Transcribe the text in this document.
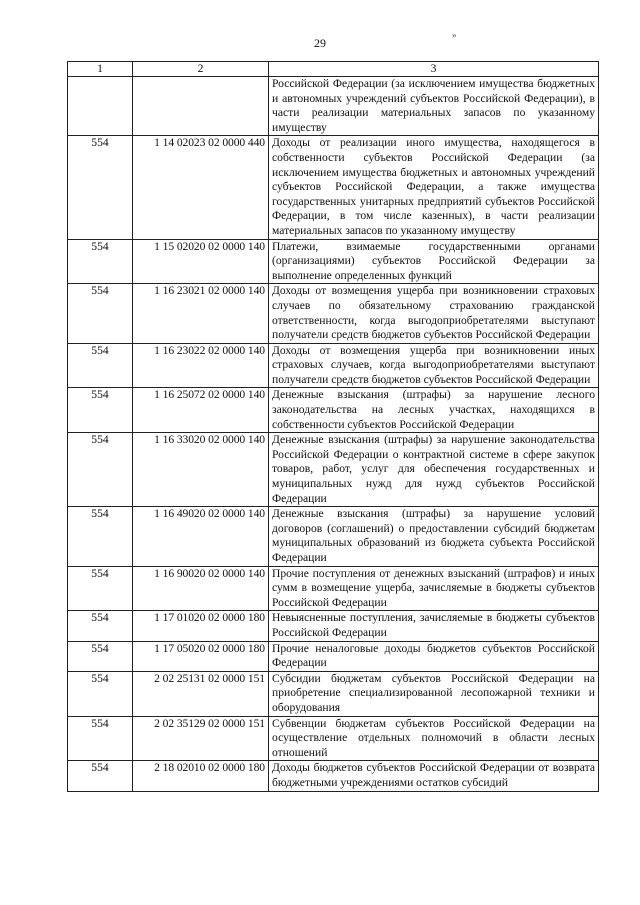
29
»
1	2	3
		Российской Федерации (за исключением имущества бюджетных и автономных учреждений субъектов Российской Федерации), в части реализации материальных запасов по указанному имуществу
554	1 14 02023 02 0000 440	Доходы от реализации иного имущества, находящегося в собственности субъектов Российской Федерации (за исключением имущества бюджетных и автономных учреждений субъектов Российской Федерации, а также имущества государственных унитарных предприятий субъектов Российской Федерации, в том числе казенных), в части реализации материальных запасов по указанному имуществу
554	1 15 02020 02 0000 140	Платежи, взимаемые государственными органами (организациями) субъектов Российской Федерации за выполнение определенных функций
554	1 16 23021 02 0000 140	Доходы от возмещения ущерба при возникновении страховых случаев по обязательному страхованию гражданской ответственности, когда выгодоприобретателями выступают получатели средств бюджетов субъектов Российской Федерации
554	1 16 23022 02 0000 140	Доходы от возмещения ущерба при возникновении иных страховых случаев, когда выгодоприобретателями выступают получатели средств бюджетов субъектов Российской Федерации
554	1 16 25072 02 0000 140	Денежные взыскания (штрафы) за нарушение лесного законодательства на лесных участках, находящихся в собственности субъектов Российской Федерации
554	1 16 33020 02 0000 140	Денежные взыскания (штрафы) за нарушение законодательства Российской Федерации о контрактной системе в сфере закупок товаров, работ, услуг для обеспечения государственных и муниципальных нужд для нужд субъектов Российской Федерации
554	1 16 49020 02 0000 140	Денежные взыскания (штрафы) за нарушение условий договоров (соглашений) о предоставлении субсидий бюджетам муниципальных образований из бюджета субъекта Российской Федерации
554	1 16 90020 02 0000 140	Прочие поступления от денежных взысканий (штрафов) и иных сумм в возмещение ущерба, зачисляемые в бюджеты субъектов Российской Федерации
554	1 17 01020 02 0000 180	Невыясненные поступления, зачисляемые в бюджеты субъектов Российской Федерации
554	1 17 05020 02 0000 180	Прочие неналоговые доходы бюджетов субъектов Российской Федерации
554	2 02 25131 02 0000 151	Субсидии бюджетам субъектов Российской Федерации на приобретение специализированной лесопожарной техники и оборудования
554	2 02 35129 02 0000 151	Субвенции бюджетам субъектов Российской Федерации на осуществление отдельных полномочий в области лесных отношений
554	2 18 02010 02 0000 180	Доходы бюджетов субъектов Российской Федерации от возврата бюджетными учреждениями остатков субсидий
